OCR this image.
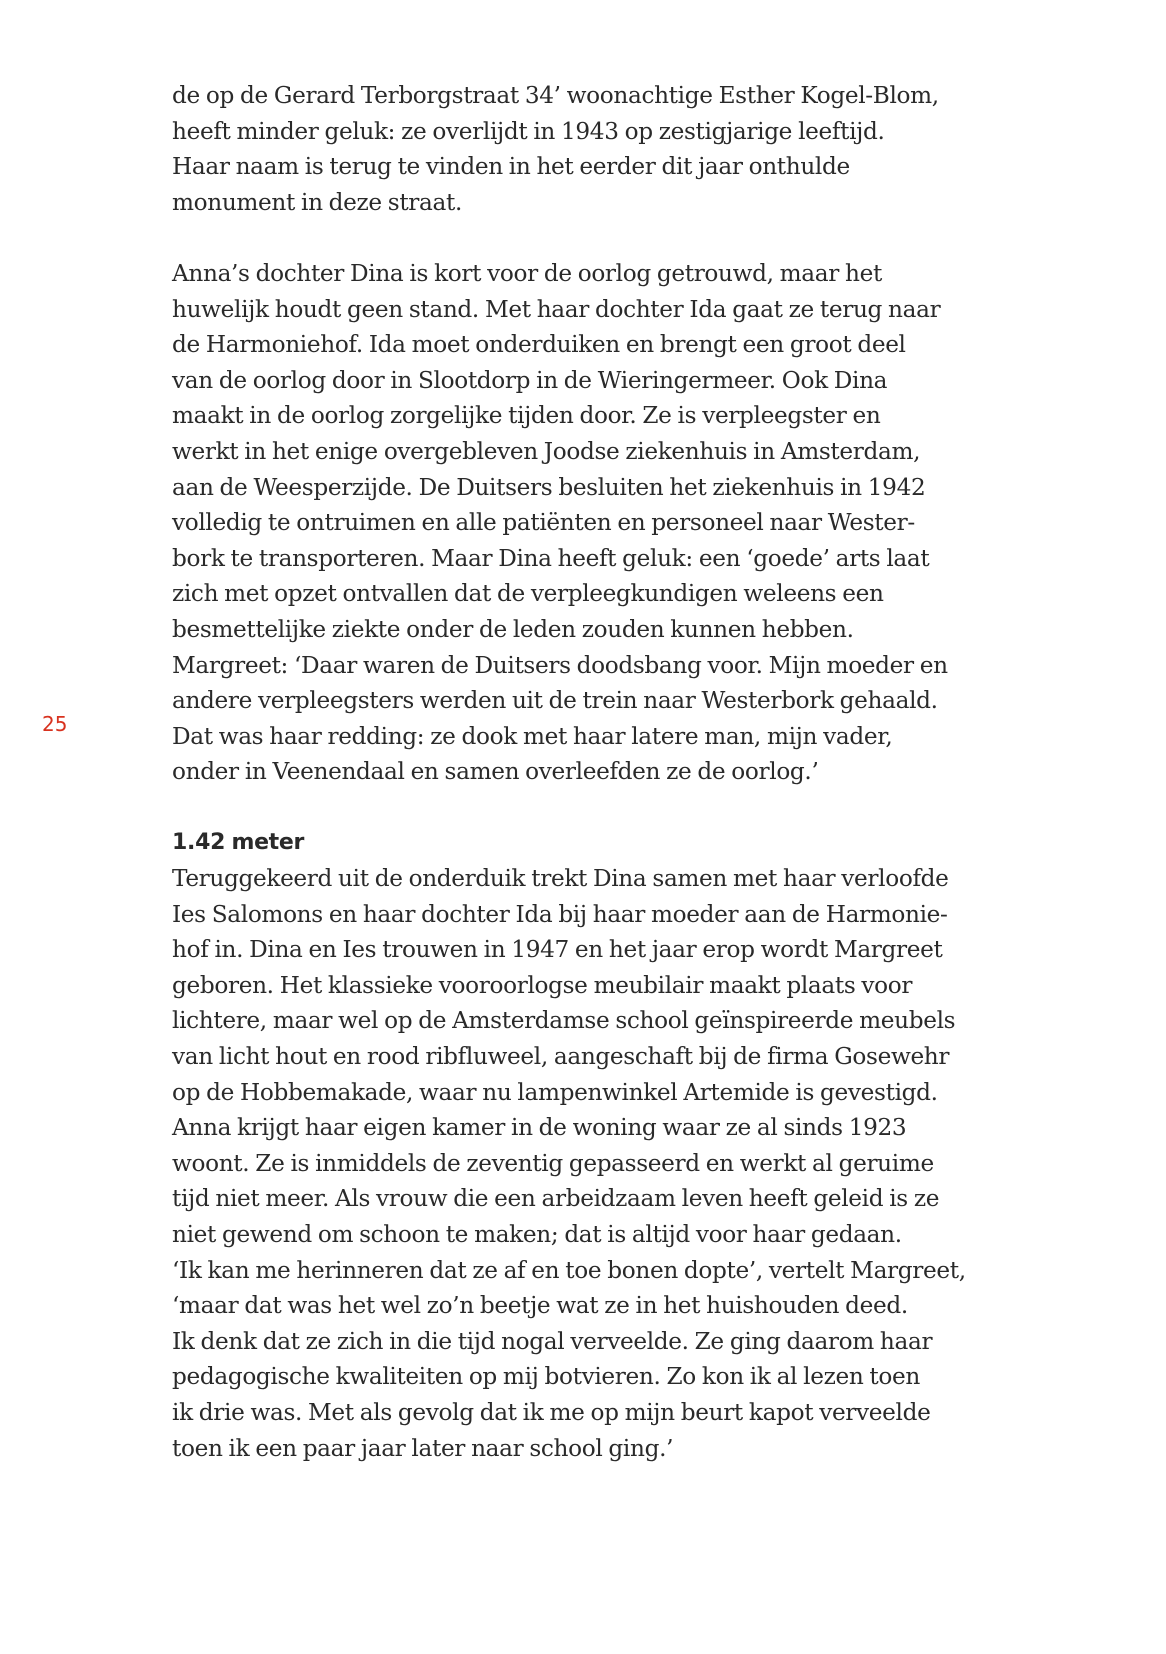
25
de op de Gerard Terborgstraat 34’ woonachtige Esther Kogel-Blom,
heeft minder geluk: ze overlijdt in 1943 op zestigjarige leeftijd.
Haar naam is terug te vinden in het eerder dit jaar onthulde
monument in deze straat.
Anna’s dochter Dina is kort voor de oorlog getrouwd, maar het
huwelijk houdt geen stand. Met haar dochter Ida gaat ze terug naar
de Harmoniehof. Ida moet onderduiken en brengt een groot deel
van de oorlog door in Slootdorp in de Wieringermeer. Ook Dina
maakt in de oorlog zorgelijke tijden door. Ze is verpleegster en
werkt in het enige overgebleven Joodse ziekenhuis in Amsterdam,
aan de Weesperzijde. De Duitsers besluiten het ziekenhuis in 1942
volledig te ontruimen en alle patiënten en personeel naar Wester-
bork te transporteren. Maar Dina heeft geluk: een ‘goede’ arts laat
zich met opzet ontvallen dat de verpleegkundigen weleens een
besmettelijke ziekte onder de leden zouden kunnen hebben.
Margreet: ‘Daar waren de Duitsers doodsbang voor. Mijn moeder en
andere verpleegsters werden uit de trein naar Westerbork gehaald.
Dat was haar redding: ze dook met haar latere man, mijn vader,
onder in Veenendaal en samen overleefden ze de oorlog.’
1.42 meter
Teruggekeerd uit de onderduik trekt Dina samen met haar verloofde
Ies Salomons en haar dochter Ida bij haar moeder aan de Harmonie-
hof in. Dina en Ies trouwen in 1947 en het jaar erop wordt Margreet
geboren. Het klassieke vooroorlogse meubilair maakt plaats voor
lichtere, maar wel op de Amsterdamse school geïnspireerde meubels
van licht hout en rood ribfluweel, aangeschaft bij de firma Gosewehr
op de Hobbemakade, waar nu lampenwinkel Artemide is gevestigd.
Anna krijgt haar eigen kamer in de woning waar ze al sinds 1923
woont. Ze is inmiddels de zeventig gepasseerd en werkt al geruime
tijd niet meer. Als vrouw die een arbeidzaam leven heeft geleid is ze
niet gewend om schoon te maken; dat is altijd voor haar gedaan.
‘Ik kan me herinneren dat ze af en toe bonen dopte’, vertelt Margreet,
‘maar dat was het wel zo’n beetje wat ze in het huishouden deed.
Ik denk dat ze zich in die tijd nogal verveelde. Ze ging daarom haar
pedagogische kwaliteiten op mij botvieren. Zo kon ik al lezen toen
ik drie was. Met als gevolg dat ik me op mijn beurt kapot verveelde
toen ik een paar jaar later naar school ging.’
